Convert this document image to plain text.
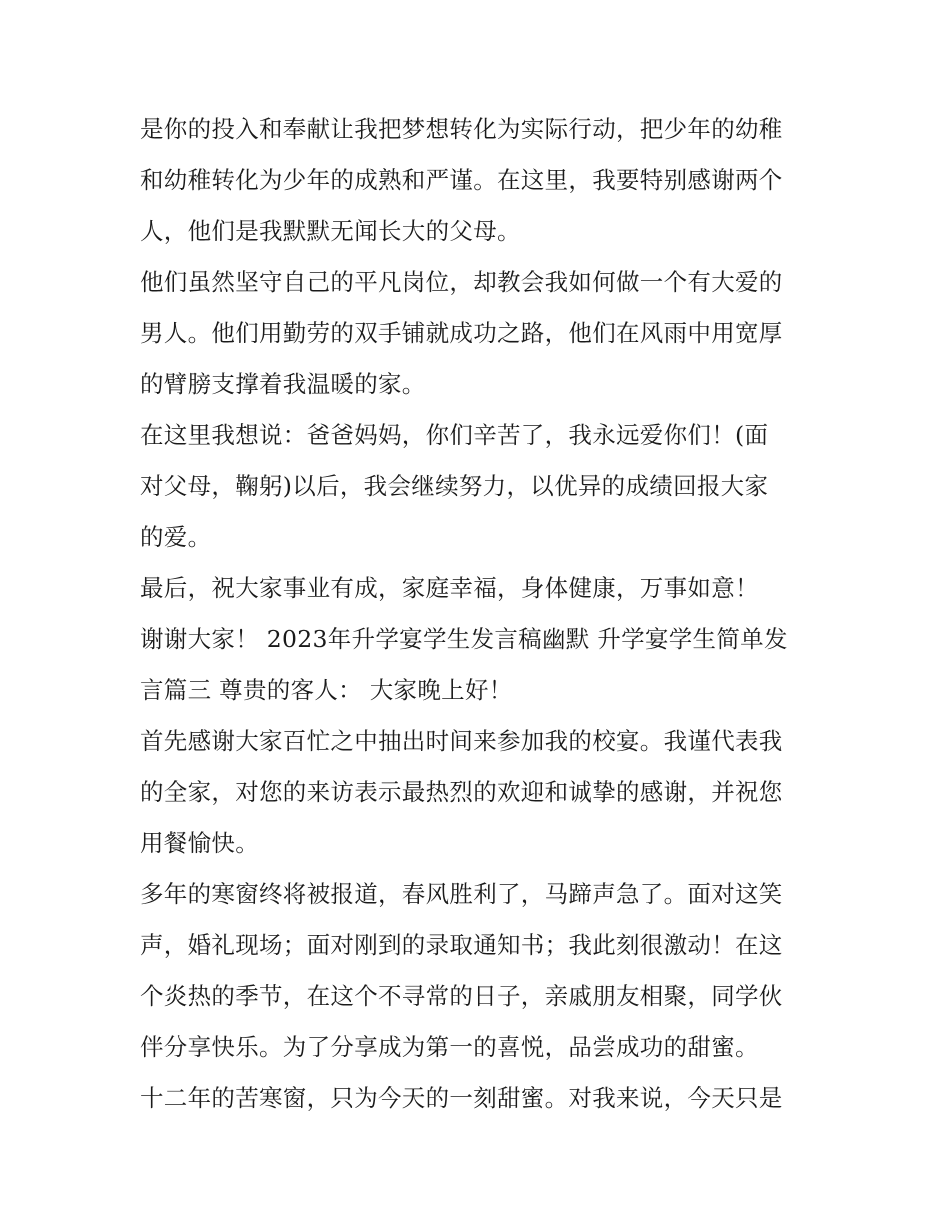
是你的投入和奉献让我把梦想转化为实际行动，把少年的幼稚
和幼稚转化为少年的成熟和严谨。在这里，我要特别感谢两个
人，他们是我默默无闻长大的父母。
他们虽然坚守自己的平凡岗位，却教会我如何做一个有大爱的
男人。他们用勤劳的双手铺就成功之路，他们在风雨中用宽厚
的臂膀支撑着我温暖的家。
在这里我想说：爸爸妈妈，你们辛苦了，我永远爱你们！(面
对父母，鞠躬)以后，我会继续努力，以优异的成绩回报大家
的爱。
最后，祝大家事业有成，家庭幸福，身体健康，万事如意！
谢谢大家！ 2023年升学宴学生发言稿幽默 升学宴学生简单发
言篇三 尊贵的客人： 大家晚上好！
首先感谢大家百忙之中抽出时间来参加我的校宴。我谨代表我
的全家，对您的来访表示最热烈的欢迎和诚挚的感谢，并祝您
用餐愉快。
多年的寒窗终将被报道，春风胜利了，马蹄声急了。面对这笑
声，婚礼现场；面对刚到的录取通知书；我此刻很激动！在这
个炎热的季节，在这个不寻常的日子，亲戚朋友相聚，同学伙
伴分享快乐。为了分享成为第一的喜悦，品尝成功的甜蜜。
十二年的苦寒窗，只为今天的一刻甜蜜。对我来说，今天只是
